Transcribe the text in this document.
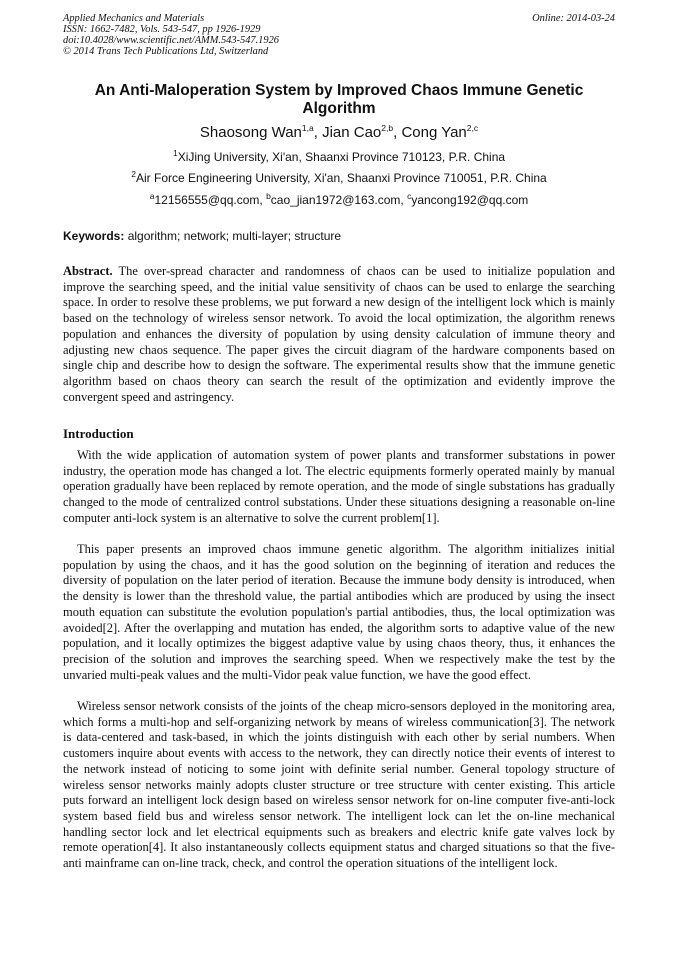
Applied Mechanics and Materials
ISSN: 1662-7482, Vols. 543-547, pp 1926-1929
doi:10.4028/www.scientific.net/AMM.543-547.1926
© 2014 Trans Tech Publications Ltd, Switzerland
Online: 2014-03-24
An Anti-Maloperation System by Improved Chaos Immune Genetic Algorithm
Shaosong Wan$^{1,a}$, Jian Cao$^{2,b}$, Cong Yan$^{2,c}$
$^1$XiJing University, Xi'an, Shaanxi Province 710123, P.R. China
$^2$Air Force Engineering University, Xi'an, Shaanxi Province 710051, P.R. China
$^a$12156555@qq.com, $^b$cao_jian1972@163.com, $^c$yancong192@qq.com
Keywords: algorithm; network; multi-layer; structure
Abstract. The over-spread character and randomness of chaos can be used to initialize population and improve the searching speed, and the initial value sensitivity of chaos can be used to enlarge the searching space. In order to resolve these problems, we put forward a new design of the intelligent lock which is mainly based on the technology of wireless sensor network. To avoid the local optimization, the algorithm renews population and enhances the diversity of population by using density calculation of immune theory and adjusting new chaos sequence. The paper gives the circuit diagram of the hardware components based on single chip and describe how to design the software. The experimental results show that the immune genetic algorithm based on chaos theory can search the result of the optimization and evidently improve the convergent speed and astringency.
Introduction
With the wide application of automation system of power plants and transformer substations in power industry, the operation mode has changed a lot. The electric equipments formerly operated mainly by manual operation gradually have been replaced by remote operation, and the mode of single substations has gradually changed to the mode of centralized control substations. Under these situations designing a reasonable on-line computer anti-lock system is an alternative to solve the current problem[1].
This paper presents an improved chaos immune genetic algorithm. The algorithm initializes initial population by using the chaos, and it has the good solution on the beginning of iteration and reduces the diversity of population on the later period of iteration. Because the immune body density is introduced, when the density is lower than the threshold value, the partial antibodies which are produced by using the insect mouth equation can substitute the evolution population's partial antibodies, thus, the local optimization was avoided[2]. After the overlapping and mutation has ended, the algorithm sorts to adaptive value of the new population, and it locally optimizes the biggest adaptive value by using chaos theory, thus, it enhances the precision of the solution and improves the searching speed. When we respectively make the test by the unvaried multi-peak values and the multi-Vidor peak value function, we have the good effect.
Wireless sensor network consists of the joints of the cheap micro-sensors deployed in the monitoring area, which forms a multi-hop and self-organizing network by means of wireless communication[3]. The network is data-centered and task-based, in which the joints distinguish with each other by serial numbers. When customers inquire about events with access to the network, they can directly notice their events of interest to the network instead of noticing to some joint with definite serial number. General topology structure of wireless sensor networks mainly adopts cluster structure or tree structure with center existing. This article puts forward an intelligent lock design based on wireless sensor network for on-line computer five-anti-lock system based field bus and wireless sensor network. The intelligent lock can let the on-line mechanical handling sector lock and let electrical equipments such as breakers and electric knife gate valves lock by remote operation[4]. It also instantaneously collects equipment status and charged situations so that the five-anti mainframe can on-line track, check, and control the operation situations of the intelligent lock.
